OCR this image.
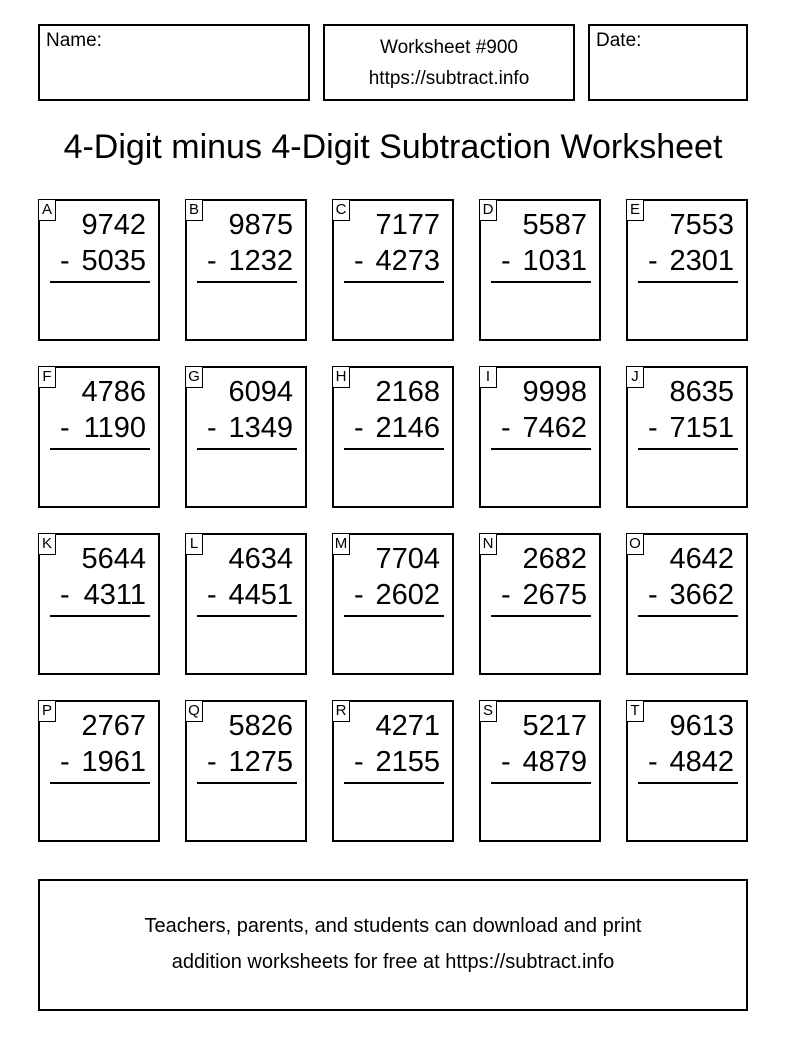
Name:	Worksheet #900
https://subtract.info
Date:
4-Digit minus 4-Digit Subtraction Worksheet
A 9742
- 5035
B 9875
- 1232
C 7177
- 4273
D 5587
- 1031
E 7553
- 2301
F 4786
- 1190
G 6094
- 1349
H 2168
- 2146
I 9998
- 7462
J 8635
- 7151
K 5644
- 4311
L 4634
- 4451
M 7704
- 2602
N 2682
- 2675
O 4642
- 3662
P 2767
- 1961
Q 5826
- 1275
R 4271
- 2155
S 5217
- 4879
T 9613
- 4842
Teachers, parents, and students can download and print
addition worksheets for free at https://subtract.info
